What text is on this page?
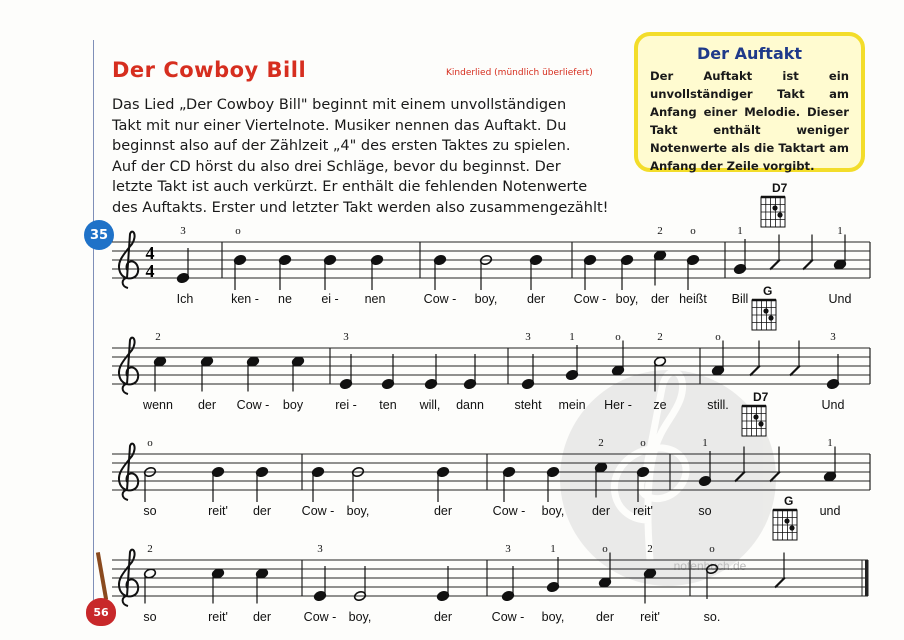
Der Cowboy Bill	Kinderlied (mündlich überliefert)

Das Lied „Der Cowboy Bill" beginnt mit einem unvollständigen
Takt mit nur einer Viertelnote. Musiker nennen das Auftakt. Du
beginnst also auf der Zählzeit „4" des ersten Taktes zu spielen.
Auf der CD hörst du also drei Schläge, bevor du beginnst. Der
letzte Takt ist auch verkürzt. Er enthält die fehlenden Notenwerte
des Auftakts. Erster und letzter Takt werden also zusammengezählt!

Der Auftakt
Der Auftakt ist ein unvollständiger Takt am Anfang einer Melodie. Dieser Takt enthält weniger Notenwerte als die Taktart am Anfang der Zeile vorgibt.
35
56
notenbuch.de
4
4
3	o	2	o	1	1
Ich	ken - ne ei - nen	Cow - boy, der Cow - boy, der heißt Bill	Und
2	3	3	1	o	2	o	3
wenn der Cow - boy	rei - ten will, dann steht mein Her - ze	still.	Und
o	2	o	1	1
so	reit' der Cow - boy,	der	Cow - boy, der reit'	so	und
2	3	3	1	o	2	o
so	reit' der	Cow - boy,	der	Cow - boy,	der reit'	so.
D7
G
D7
G
